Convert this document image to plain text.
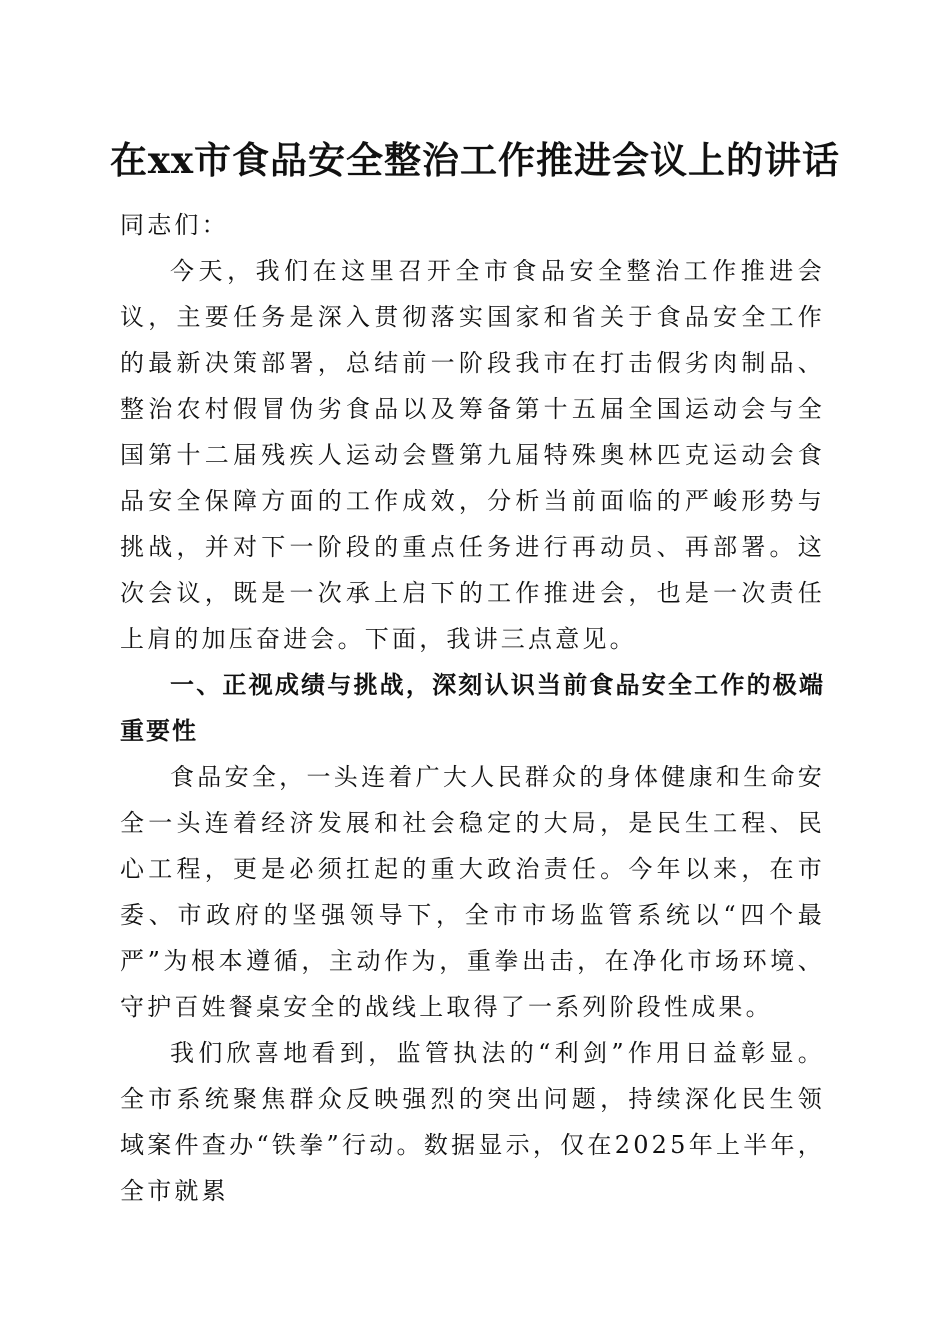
在xx市食品安全整治工作推进会议上的讲话

同志们：

今天，我们在这里召开全市食品安全整治工作推进会议，主要任务是深入贯彻落实国家和省关于食品安全工作的最新决策部署，总结前一阶段我市在打击假劣肉制品、整治农村假冒伪劣食品以及筹备第十五届全国运动会与全国第十二届残疾人运动会暨第九届特殊奥林匹克运动会食品安全保障方面的工作成效，分析当前面临的严峻形势与挑战，并对下一阶段的重点任务进行再动员、再部署。这次会议，既是一次承上启下的工作推进会，也是一次责任上肩的加压奋进会。下面，我讲三点意见。

一、正视成绩与挑战，深刻认识当前食品安全工作的极端重要性

食品安全，一头连着广大人民群众的身体健康和生命安全一头连着经济发展和社会稳定的大局，是民生工程、民心工程，更是必须扛起的重大政治责任。今年以来，在市委、市政府的坚强领导下，全市市场监管系统以“四个最严”为根本遵循，主动作为，重拳出击，在净化市场环境、守护百姓餐桌安全的战线上取得了一系列阶段性成果。

我们欣喜地看到，监管执法的“利剑”作用日益彰显。全市系统聚焦群众反映强烈的突出问题，持续深化民生领域案件查办“铁拳”行动。数据显示，仅在2025年上半年，全市就累
